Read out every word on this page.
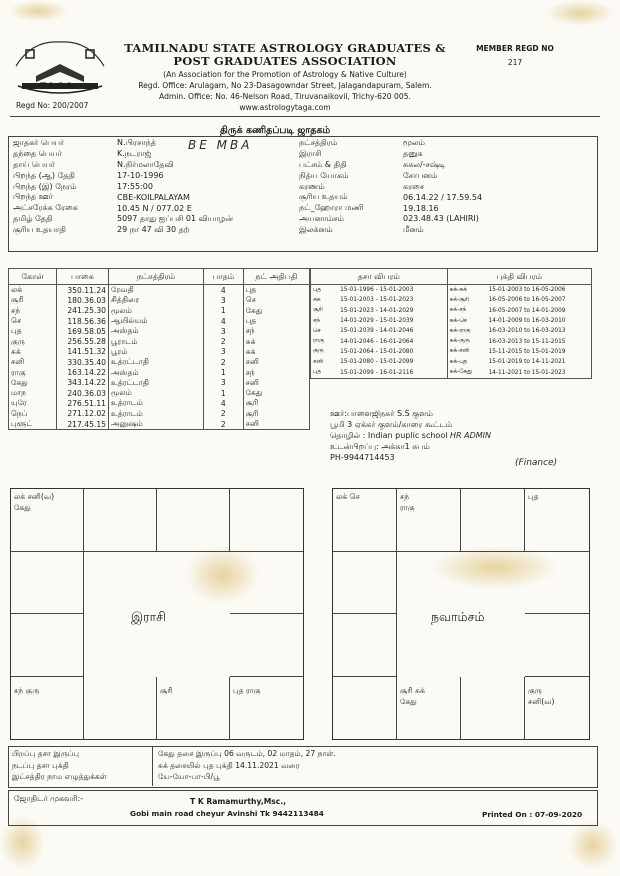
TAGA
Regd No: 200/2007
TAMILNADU STATE ASTROLOGY GRADUATES &
POST GRADUATES ASSOCIATION
(An Association for the Promotion of Astrology & Native Culture)
Regd. Office: Arulagam, No 23-Dasagowndar Street, Jalagandapuram, Salem.
Admin. Office: No. 46-Nelson Road, Tiruvanaikovil, Trichy-620 005.
www.astrologytaga.com
MEMBER REGD NO
217
திருக் கணிதப்படி ஜாதகம்
ஜாதகர் பெயர்	N.பிரசாந்த்
தந்தை பெயர்	K.நடராஜ்
தாய் பெயர்	N.நிர்மலாதேவி
பிறந்த (ஆ) தேதி	17-10-1996
பிறந்த (இ) நேரம்	17:55:00
பிறந்த ஊர்	CBE-KOILPALAYAM
அட்சரேக்க ரேகை	10.45 N / 077.02 E
தமிழ் தேதி	5097 தாது ஐப்பசி 01 வியாழன்
சூரிய உதயாதி	29 நா 47 வி 30 தற்
நட்சத்திரம்	மூலம்
இராசி	தனுசு
பட்சம் & திதி	சுகல/-சஷ்டி
நித்ய யோகம்	சோபனம்
கரணம்	கரசை
சூரிய உதயம்	06.14.22 / 17.59.54
நட்_ஹோரா மணி	19.18.16
அயனாம்சம்	023.48.43 (LAHIRI)
இலக்னம்	மீனம்
BE MBA
கோள்	பாகை	நட்சத்திரம்	பாதம்	நட் அதிபதி
லக்	350.11.24	ரேவதி	4	புத
சூரி	180.36.03	சித்திரை	3	செ
சந்	241.25.30	மூலம்	1	கேது
செ	118.56.36	ஆயில்யம்	4	புத
புத	169.58.05	அஸ்தம்	3	சந்
குரு	256.55.28	பூராடம்	2	சுக்
சுக்	141.51.32	பூரம்	3	சுக்
சனி	330.35.40	உத்ரட்டாதி	2	சனி
ராகு	163.14.22	அஸ்தம்	1	சந்
கேது	343.14.22	உத்ரட்டாதி	3	சனி
மாந	240.36.03	மூலம்	1	கேது
யுரே	276.51.11	உத்ராடம்	4	சூரி
நெப்	271.12.02	உத்ராடம்	2	சூரி
புளூட்	217.45.15	அனுஷம்	2	சனி
தசா விபரம்		புக்தி விபரம்	
புத	15-01-1996 - 15-01-2003	சுக்-சுக்	15-01-2003 to 16-05-2006
சுக	15-01-2003 - 15-01-2023	சுக்-சூரி	16-05-2006 to 16-05-2007
சூரி	15-01-2023 - 14-01-2029	சுக்-சந்	16-05-2007 to 14-01-2009
சந்	14-01-2029 - 15-01-2039	சுக்-செ	14-01-2009 to 16-03-2010
செ	15-01-2039 - 14-01-2046	சுக்-ராகு	16-03-2010 to 16-03-2013
ராகு	14-01-2046 - 16-01-2064	சுக்-குரு	16-03-2013 to 15-11-2015
குரு	15-01-2064 - 15-01-2080	சுக்-சனி	15-11-2015 to 15-01-2019
சனி	15-01-2080 - 15-01-2099	சுக்-புத	15-01-2019 to 14-11-2021
புத	15-01-2099 - 16-01-2116	சுக்-கேது	14-11-2021 to 15-01-2023
ஊர்:பாளைஜிநகர் S.S குளம்
பூமி 3 ஏக்கர் குளம்/காரை கூட்டம்
தொழில் : Indian puplic school HR ADMIN
உடன்பிறப்பு: அக்கா1 சுபம்
PH-9944714453
(Finance)
லக் சனி(வ)
கேது
சந் குரு	சூரி	புத ராகு
இராசி
லக் செ	சந்
ராகு
புத
சூரி சுக்
கேது
குரு
சனி(வ)
நவாம்சம்
பிறப்பு தசா இருப்பு
நடப்பு தசா புக்தி
இட்சத்திர நாம எழுத்துக்கள்
கேது தசை இருப்பு 06 வருடம், 02 மாதம், 27 நாள்.
சுக் தசையில் புத புக்தி 14.11.2021 வரை
யே-யோ-பா-பி/பூ
ஜோதிடர் முகவரி:-	T K Ramamurthy,Msc.,
Gobi main road cheyur Avinshi Tk 9442113484	Printed On : 07-09-2020
